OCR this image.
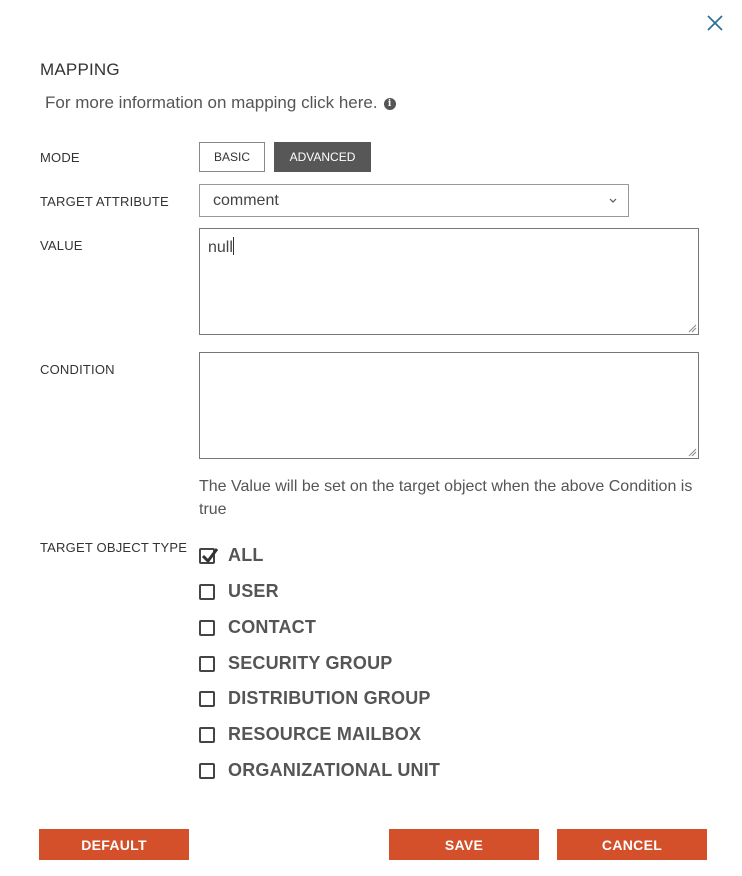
MAPPING
For more information on mapping click here.	i
MODE	BASIC	ADVANCED
TARGET ATTRIBUTE	comment
VALUE	null
CONDITION
The Value will be set on the target object when the above Condition is true
TARGET OBJECT TYPE ALL
USER
CONTACT
SECURITY GROUP
DISTRIBUTION GROUP
RESOURCE MAILBOX
ORGANIZATIONAL UNIT
DEFAULT	SAVE	CANCEL
